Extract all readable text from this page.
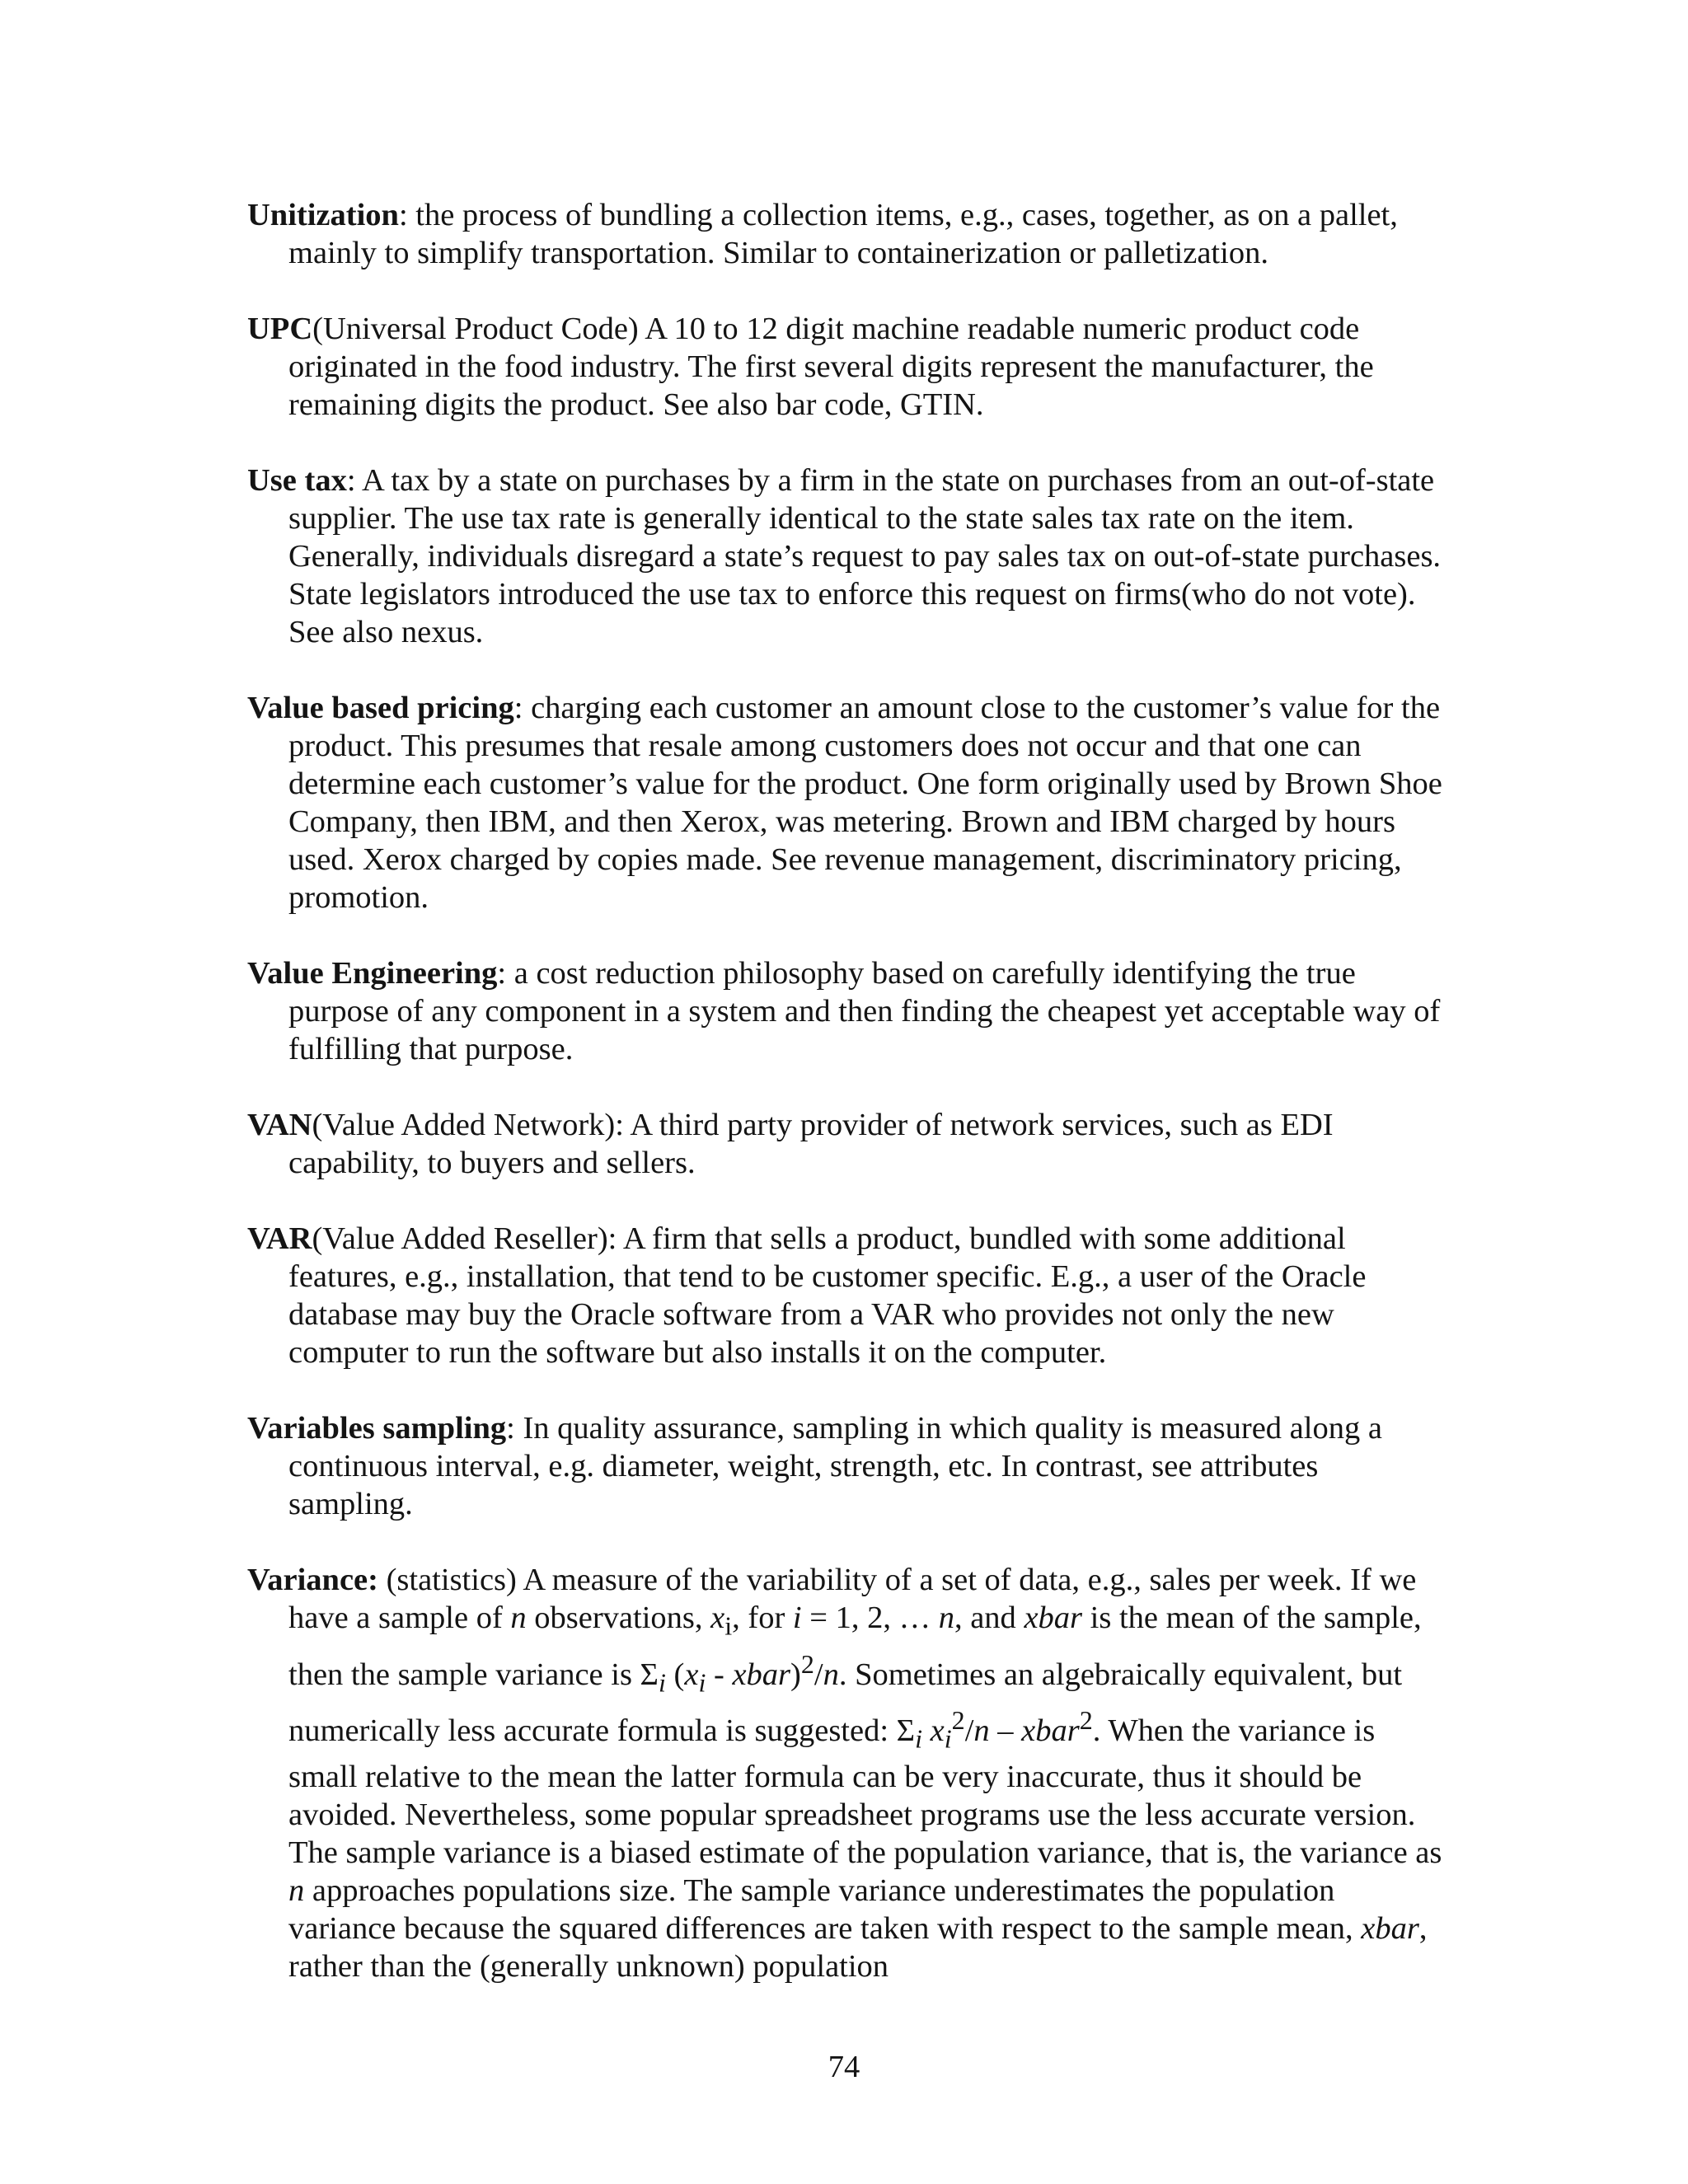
Unitization: the process of bundling a collection items, e.g., cases, together, as on a pallet, mainly to simplify transportation. Similar to containerization or palletization.

UPC(Universal Product Code) A 10 to 12 digit machine readable numeric product code originated in the food industry. The first several digits represent the manufacturer, the remaining digits the product. See also bar code, GTIN.

Use tax: A tax by a state on purchases by a firm in the state on purchases from an out-of-state supplier. The use tax rate is generally identical to the state sales tax rate on the item. Generally, individuals disregard a state’s request to pay sales tax on out-of-state purchases. State legislators introduced the use tax to enforce this request on firms(who do not vote). See also nexus.

Value based pricing: charging each customer an amount close to the customer’s value for the product. This presumes that resale among customers does not occur and that one can determine each customer’s value for the product. One form originally used by Brown Shoe Company, then IBM, and then Xerox, was metering. Brown and IBM charged by hours used. Xerox charged by copies made. See revenue management, discriminatory pricing, promotion.

Value Engineering: a cost reduction philosophy based on carefully identifying the true purpose of any component in a system and then finding the cheapest yet acceptable way of fulfilling that purpose.

VAN(Value Added Network): A third party provider of network services, such as EDI capability, to buyers and sellers.

VAR(Value Added Reseller): A firm that sells a product, bundled with some additional features, e.g., installation, that tend to be customer specific. E.g., a user of the Oracle database may buy the Oracle software from a VAR who provides not only the new computer to run the software but also installs it on the computer.

Variables sampling: In quality assurance, sampling in which quality is measured along a continuous interval, e.g. diameter, weight, strength, etc. In contrast, see attributes sampling.

Variance: (statistics) A measure of the variability of a set of data, e.g., sales per week. If we have a sample of n observations, $x_i$, for i = 1, 2, … n, and xbar is the mean of the sample, then the sample variance is $\Sigma_i$ ($x_i$ - xbar)$^2$/n. Sometimes an algebraically equivalent, but numerically less accurate formula is suggested: $\Sigma_i$ $x_i^2/n$ – xbar$^2$. When the variance is small relative to the mean the latter formula can be very inaccurate, thus it should be avoided. Nevertheless, some popular spreadsheet programs use the less accurate version. The sample variance is a biased estimate of the population variance, that is, the variance as n approaches populations size. The sample variance underestimates the population variance because the squared differences are taken with respect to the sample mean, xbar, rather than the (generally unknown) population

74
